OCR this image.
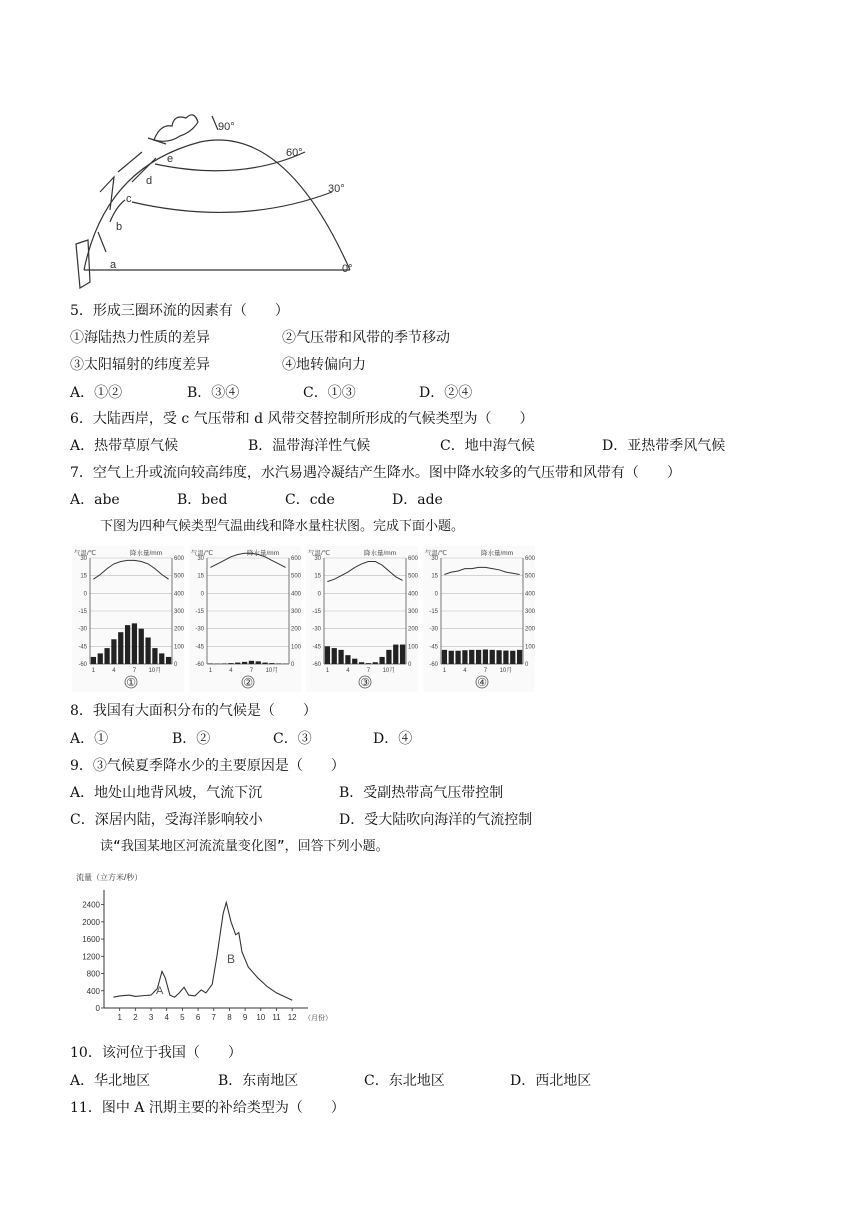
a
b
c
d
e
90°
60°
30°
0°
5．形成三圈环流的因素有（　　）
①海陆热力性质的差异	②气压带和风带的季节移动
③太阳辐射的纬度差异	④地转偏向力
A．①②	B．③④	C．①③	D．②④
6．大陆西岸，受 c 气压带和 d 风带交替控制所形成的气候类型为（　　）
A．热带草原气候	B．温带海洋性气候	C．地中海气候	D．亚热带季风气候
7．空气上升或流向较高纬度，水汽易遇冷凝结产生降水。图中降水较多的气压带和风带有（　　）
A．abe	B．bed	C．cde	D．ade
下图为四种气候类型气温曲线和降水量柱状图。完成下面小题。
气温/℃	降水量/mm
30
15
0
-15
-30
-45
-60
600
500
400
300
200
100
0
1	4	7 10月
①
气温/℃	降水量/mm
30
15
0
-15
-30
-45
-60
600
500
400
300
200
100
0
1	4	7 10月
②
气温/℃	降水量/mm
30
15
0
-15
-30
-45
-60
600
500
400
300
200
100
0
1	4	7 10月
③
气温/℃	降水量/mm
30
15
0
-15
-30
-45
-60
600
500
400
300
200
100
0
1	4	7 10月
④
8．我国有大面积分布的气候是（　　）
A．①	B．②	C．③	D．④
9．③气候夏季降水少的主要原因是（　　）
A．地处山地背风坡，气流下沉	B．受副热带高气压带控制
C．深居内陆，受海洋影响较小	D．受大陆吹向海洋的气流控制
读“我国某地区河流流量变化图”，回答下列小题。
流量（立方米/秒）
0
400
800
1200
1600
2000
2400
1 2 3 4 5 6 7 8 9 10 11 12 （月份）
A
B
10．该河位于我国（　　）
A．华北地区	B．东南地区	C．东北地区	D．西北地区
11．图中 A 汛期主要的补给类型为（　　）
